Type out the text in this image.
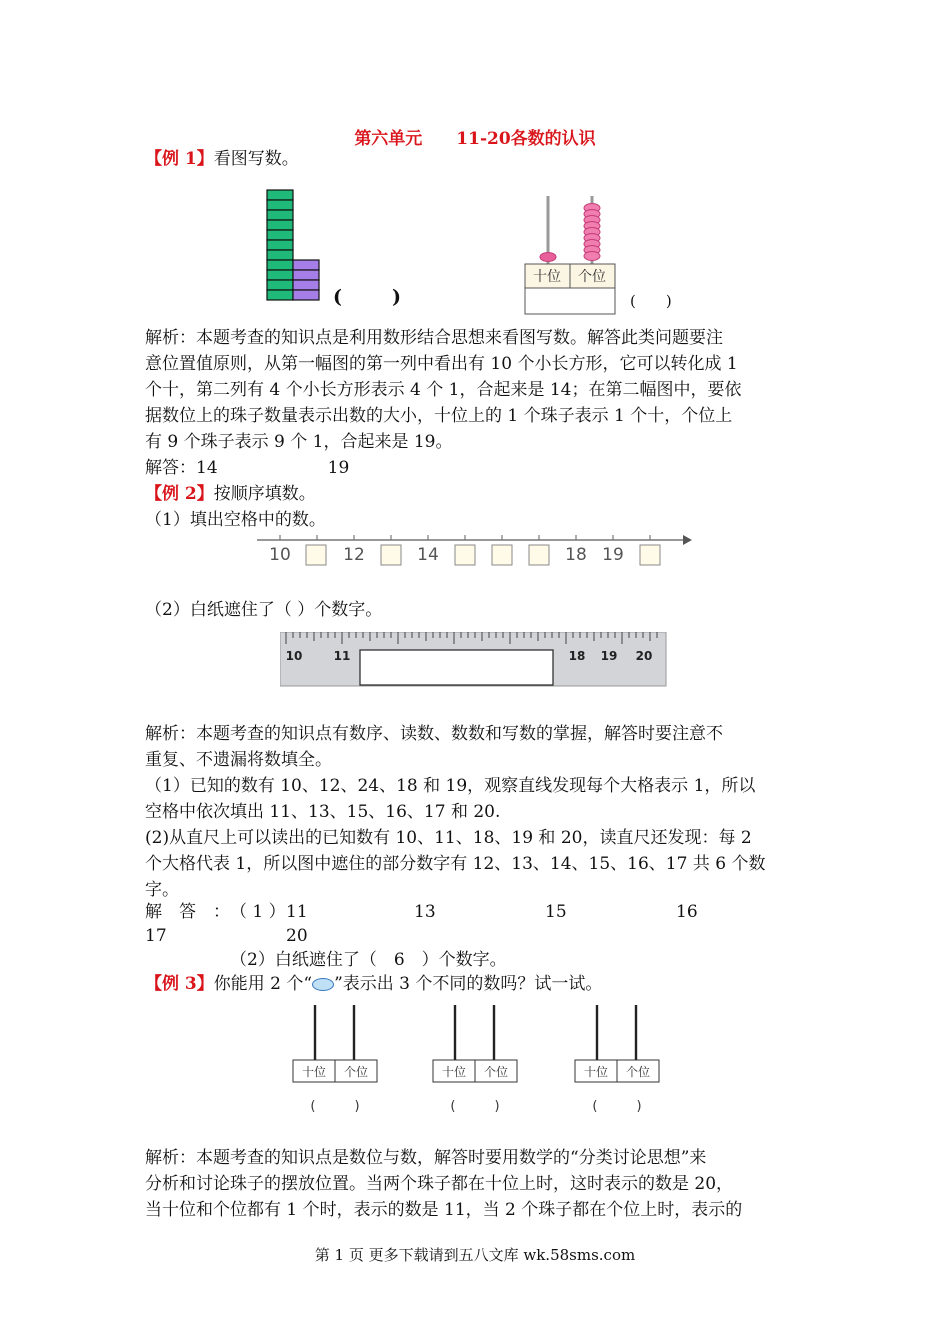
第六单元　　11-20各数的认识
【例 1】看图写数。
(	)
十位 个位
(　　)
解析：本题考查的知识点是利用数形结合思想来看图写数。解答此类问题要注
意位置值原则，从第一幅图的第一列中看出有 10 个小长方形，它可以转化成 1
个十，第二列有 4 个小长方形表示 4 个 1，合起来是 14；在第二幅图中，要依
据数位上的珠子数量表示出数的大小，十位上的 1 个珠子表示 1 个十，个位上
有 9 个珠子表示 9 个 1，合起来是 19。
解答：14	19
【例 2】按顺序填数。
（1）填出空格中的数。
10	12	14	18 19
（2）白纸遮住了（ ）个数字。
10	11	18 19 20
解析：本题考查的知识点有数序、读数、数数和写数的掌握，解答时要注意不
重复、不遗漏将数填全。
（1）已知的数有 10、12、24、18 和 19，观察直线发现每个大格表示 1，所以
空格中依次填出 11、13、15、16、17 和 20.
(2)从直尺上可以读出的已知数有 10、11、18、19 和 20，读直尺还发现：每 2
个大格代表 1，所以图中遮住的部分数字有 12、13、14、15、16、17 共 6 个数
字。
解　答　：　（ 1 ） 11	13	15	16
17	20
（2）白纸遮住了（　6　）个数字。
【例 3】你能用 2 个“ ”表示出 3 个不同的数吗？试一试。
十位 个位
(　　　)
十位 个位
(　　　)
十位 个位
(　　　)
解析：本题考查的知识点是数位与数，解答时要用数学的“分类讨论思想”来
分析和讨论珠子的摆放位置。当两个珠子都在十位上时，这时表示的数是 20，
当十位和个位都有 1 个时，表示的数是 11，当 2 个珠子都在个位上时，表示的
第 1 页 更多下载请到五八文库 wk.58sms.com
